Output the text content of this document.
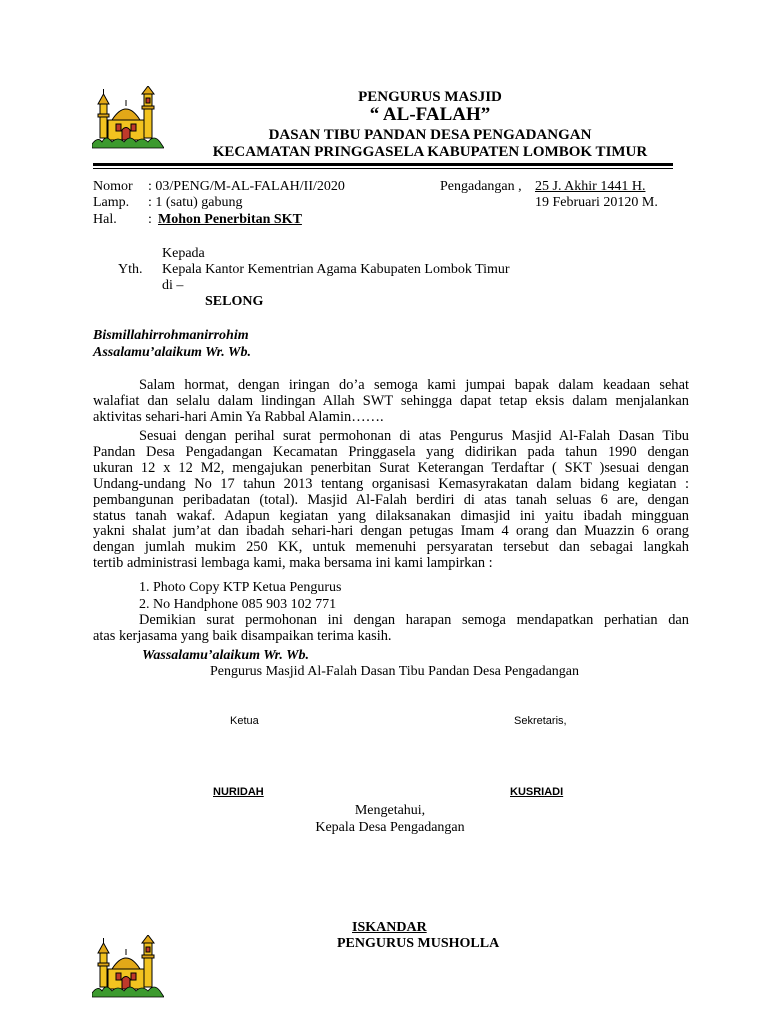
PENGURUS MASJID
“ AL-FALAH”
DASAN TIBU PANDAN DESA PENGADANGAN
KECAMATAN PRINGGASELA KABUPATEN LOMBOK TIMUR
Nomor : 03/PENG/M-AL-FALAH/II/2020
Lamp. : 1 (satu) gabung
Hal. : Mohon Penerbitan SKT
Pengadangan , 25 J. Akhir 1441 H.
19 Februari 20120 M.
Kepada
Yth. Kepala Kantor Kementrian Agama Kabupaten Lombok Timur
di –
SELONG
Bismillahirrohmanirrohim
Assalamu’alaikum Wr. Wb.
Salam hormat, dengan iringan do’a semoga kami jumpai bapak dalam keadaan sehat
walafiat dan selalu dalam lindingan Allah SWT sehingga dapat tetap eksis dalam menjalankan
aktivitas sehari-hari Amin Ya Rabbal Alamin…….
Sesuai dengan perihal surat permohonan di atas Pengurus Masjid Al-Falah Dasan Tibu
Pandan Desa Pengadangan Kecamatan Pringgasela yang didirikan pada tahun 1990 dengan
ukuran 12 x 12 M2, mengajukan penerbitan Surat Keterangan Terdaftar ( SKT )sesuai dengan
Undang-undang No 17 tahun 2013 tentang organisasi Kemasyrakatan dalam bidang kegiatan :
pembangunan peribadatan (total). Masjid Al-Falah berdiri di atas tanah seluas 6 are, dengan
status tanah wakaf. Adapun kegiatan yang dilaksanakan dimasjid ini yaitu ibadah mingguan
yakni shalat jum’at dan ibadah sehari-hari dengan petugas Imam 4 orang dan Muazzin 6 orang
dengan jumlah mukim 250 KK, untuk memenuhi persyaratan tersebut dan sebagai langkah
tertib administrasi lembaga kami, maka bersama ini kami lampirkan :
1. Photo Copy KTP Ketua Pengurus
2. No Handphone 085 903 102 771
Demikian surat permohonan ini dengan harapan semoga mendapatkan perhatian dan
atas kerjasama yang baik disampaikan terima kasih.
Wassalamu’alaikum Wr. Wb.
Pengurus Masjid Al-Falah Dasan Tibu Pandan Desa Pengadangan
Ketua	Sekretaris,
NURIDAH	KUSRIADI
Mengetahui,
Kepala Desa Pengadangan
ISKANDAR
PENGURUS MUSHOLLA
